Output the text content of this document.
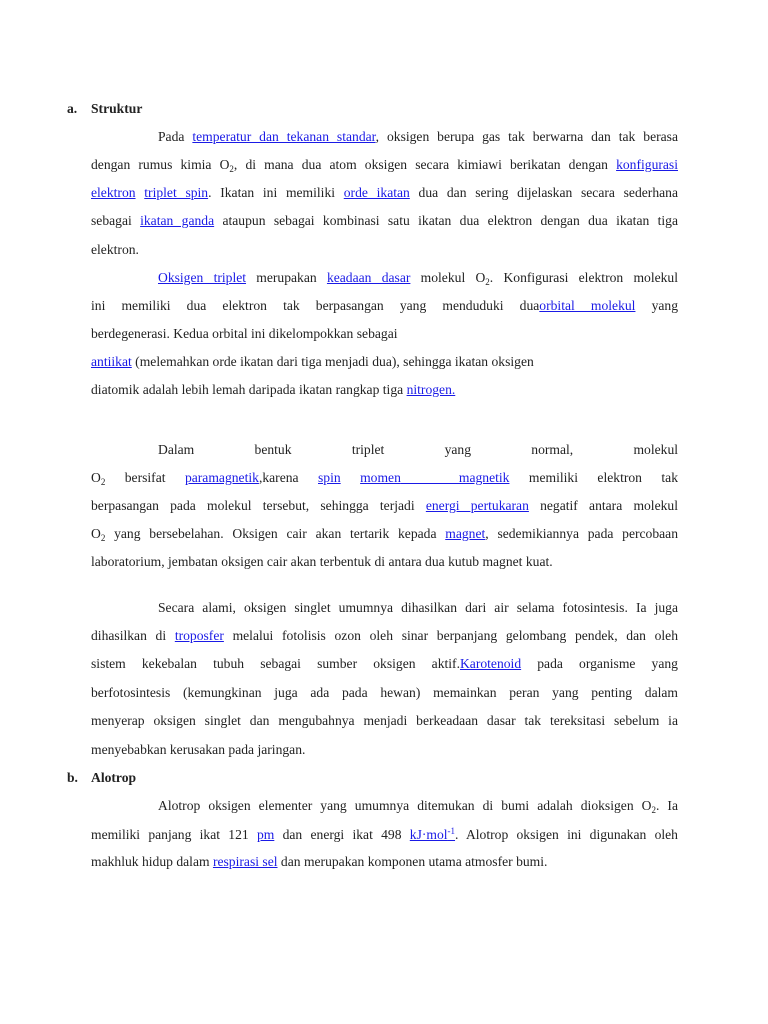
a. Struktur
Pada temperatur dan tekanan standar, oksigen berupa gas tak berwarna dan tak berasa
dengan rumus kimia $O_2$, di mana dua atom oksigen secara kimiawi berikatan dengan konfigurasi
elektron triplet spin. Ikatan ini memiliki orde ikatan dua dan sering dijelaskan secara sederhana
sebagai ikatan ganda ataupun sebagai kombinasi satu ikatan dua elektron dengan dua ikatan tiga
elektron.
Oksigen triplet merupakan keadaan dasar molekul $O_2$. Konfigurasi elektron molekul
ini memiliki dua elektron tak berpasangan yang menduduki duaorbital molekul yang
berdegenerasi. Kedua orbital ini dikelompokkan sebagai
antiikat (melemahkan orde ikatan dari tiga menjadi dua), sehingga ikatan oksigen
diatomik adalah lebih lemah daripada ikatan rangkap tiga nitrogen.
Dalam	bentuk	triplet	yang	normal,	molekul
$O_2$ bersifat paramagnetik,karena spin momen	magnetik memiliki elektron tak
berpasangan pada molekul tersebut, sehingga terjadi energi pertukaran negatif antara molekul
$O_2$ yang bersebelahan. Oksigen cair akan tertarik kepada magnet, sedemikiannya pada percobaan
laboratorium, jembatan oksigen cair akan terbentuk di antara dua kutub magnet kuat.
Secara alami, oksigen singlet umumnya dihasilkan dari air selama fotosintesis. Ia juga
dihasilkan di troposfer melalui fotolisis ozon oleh sinar berpanjang gelombang pendek, dan oleh
sistem kekebalan tubuh sebagai sumber oksigen aktif.Karotenoid pada organisme yang
berfotosintesis (kemungkinan juga ada pada hewan) memainkan peran yang penting dalam
menyerap oksigen singlet dan mengubahnya menjadi berkeadaan dasar tak tereksitasi sebelum ia
menyebabkan kerusakan pada jaringan.
b. Alotrop
Alotrop oksigen elementer yang umumnya ditemukan di bumi adalah dioksigen $O_2$. Ia
memiliki panjang ikat 121 pm dan energi ikat 498 kJ·mol$^{-1}$. Alotrop oksigen ini digunakan oleh
makhluk hidup dalam respirasi sel dan merupakan komponen utama atmosfer bumi.
